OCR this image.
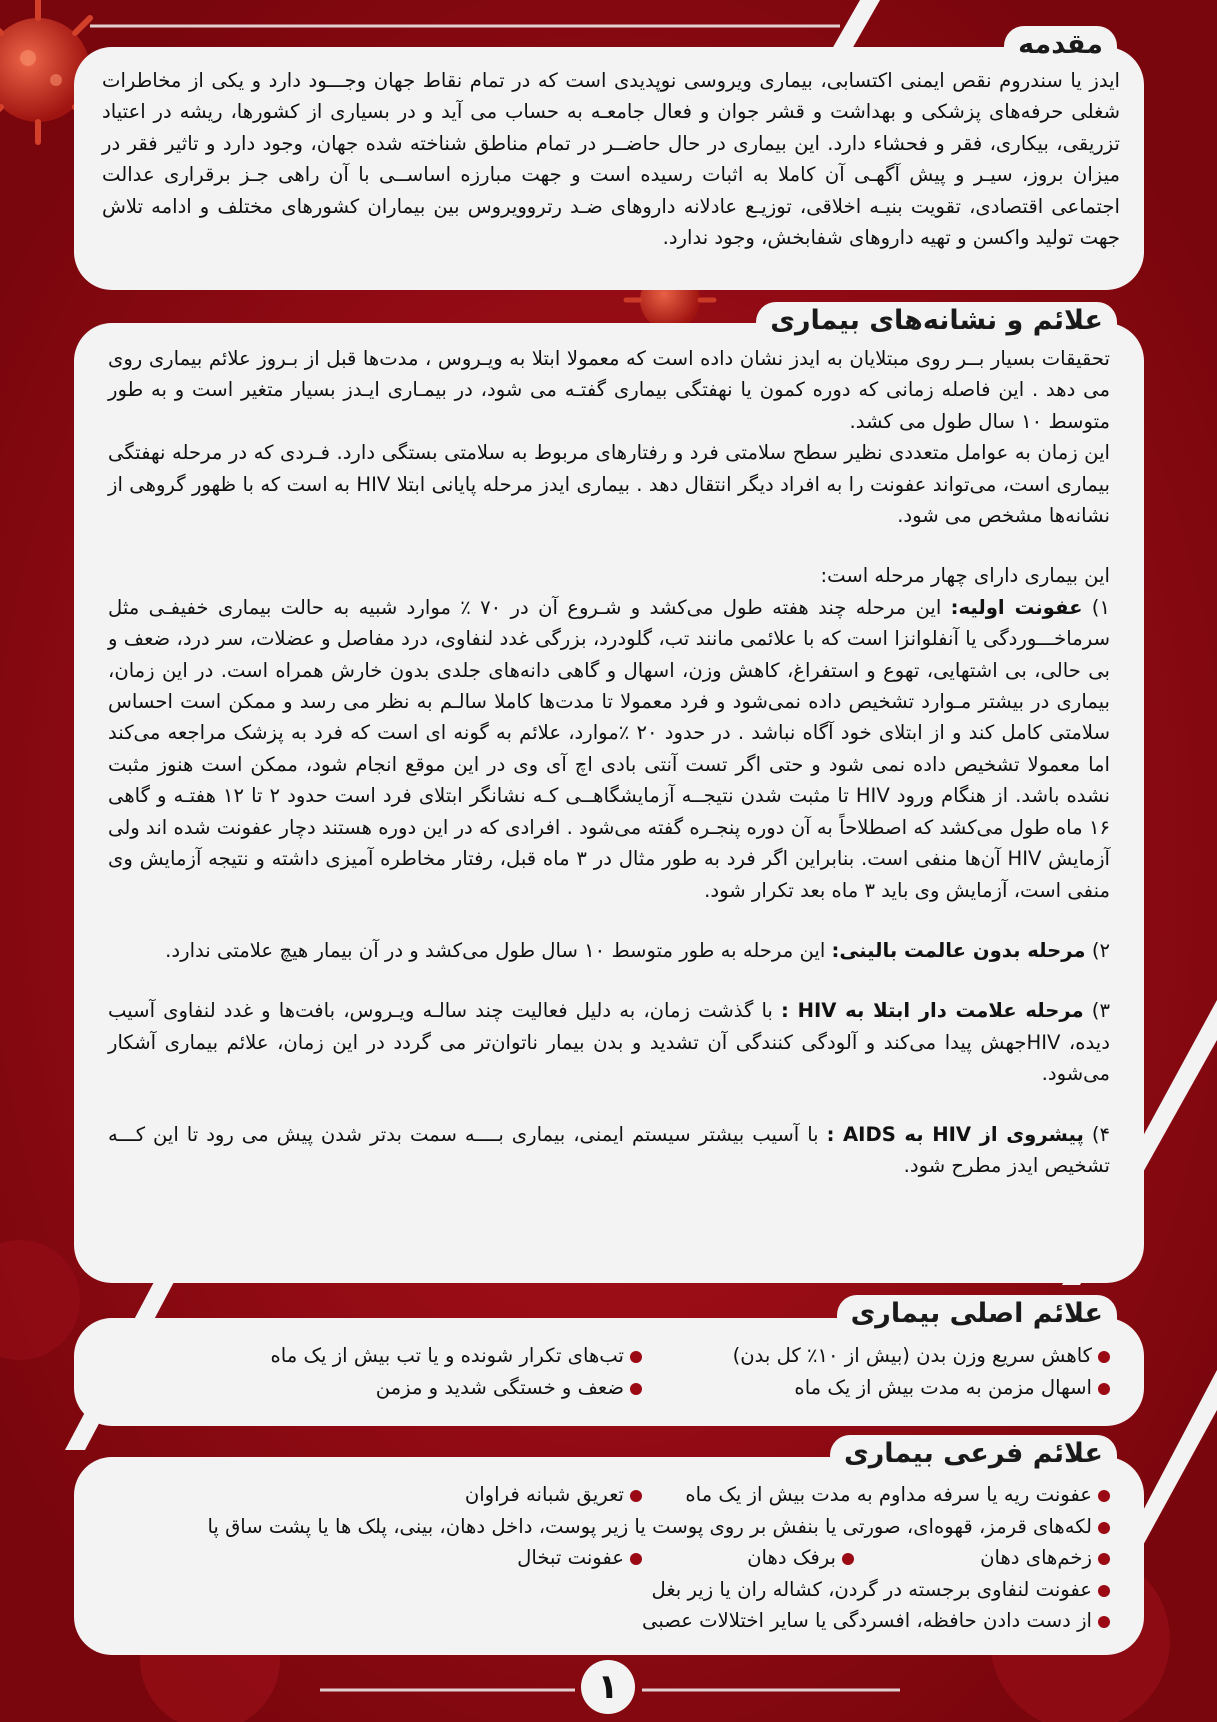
مقدمه

ایدز یا سندروم نقص ایمنی اکتسابی، بیماری ویروسی نوپدیدی است که در تمام نقاط جهان وجـــود دارد و یکی از مخاطرات شغلی حرفه‌های پزشکی و بهداشت و قشر جوان و فعال جامعـه به حساب می آید و در بسیاری از کشورها، ریشه در اعتیاد تزریقی، بیکاری، فقر و فحشاء دارد. این بیماری در حال حاضــر در تمام مناطق شناخته شده جهان، وجود دارد و تاثیر فقر در میزان بروز، سیـر و پیش آگهـی آن کاملا به اثبات رسیده است و جهت مبارزه اساســی با آن راهی جـز برقراری عدالت اجتماعی اقتصادی، تقویت بنیـه اخلاقی، توزیـع عادلانه داروهای ضـد رتروویروس بین بیماران کشورهای مختلف و ادامه تلاش جهت تولید واکسن و تهیه داروهای شفابخش، وجود ندارد.

علائم و نشانه‌های بیماری

تحقیقات بسیار بــر روی مبتلایان به ایدز نشان داده است که معمولا ابتلا به ویـروس ، مدت‌ها قبل از بـروز علائم بیماری روی می دهد . این فاصله زمانی که دوره کمون یا نهفتگی بیماری گفتـه می شود، در بیمـاری ایـدز بسیار متغیر است و به طور متوسط ۱۰ سال طول می کشد.

این زمان به عوامل متعددی نظیر سطح سلامتی فرد و رفتارهای مربوط به سلامتی بستگی دارد. فـردی که در مرحله نهفتگی بیماری است، می‌تواند عفونت را به افراد دیگر انتقال دهد . بیماری ایدز مرحله پایانی ابتلا HIV به است که با ظهور گروهی از نشانه‌ها مشخص می شود.

این بیماری دارای چهار مرحله است:

۱) عفونت اولیه: این مرحله چند هفته طول می‌کشد و شـروع آن در ۷۰ ٪ موارد شبیه به حالت بیماری خفیفـی مثل سرماخـــوردگی یا آنفلوانزا است که با علائمی مانند تب، گلودرد، بزرگی غدد لنفاوی، درد مفاصل و عضلات، سر درد، ضعف و بی حالی، بی اشتهایی، تهوع و استفراغ، کاهش وزن، اسهال و گاهی دانه‌های جلدی بدون خارش همراه است. در این زمان، بیماری در بیشتر مـوارد تشخیص داده نمی‌شود و فرد معمولا تا مدت‌ها کاملا سالـم به نظر می رسد و ممکن است احساس سلامتی کامل کند و از ابتلای خود آگاه نباشد . در حدود ۲۰ ٪موارد، علائم به گونه ای است که فرد به پزشک مراجعه می‌کند اما معمولا تشخیص داده نمی شود و حتی اگر تست آنتی بادی اچ آی وی در این موقع انجام شود، ممکن است هنوز مثبت نشده باشد. از هنگام ورود HIV تا مثبت شدن نتیجــه آزمایشگاهــی کـه نشانگر ابتلای فرد است حدود ۲ تا ۱۲ هفتـه و گاهی ۱۶ ماه طول می‌کشد که اصطلاحاً به آن دوره پنجـره گفته می‌شود . افرادی که در این دوره هستند دچار عفونت شده اند ولی آزمایش HIV آن‌ها منفی است. بنابراین اگر فرد به طور مثال در ۳ ماه قبل، رفتار مخاطره آمیزی داشته و نتیجه آزمایش وی منفی است، آزمایش وی باید ۳ ماه بعد تکرار شود.

۲) مرحله بدون عالمت بالینی: این مرحله به طور متوسط ۱۰ سال طول می‌کشد و در آن بیمار هیچ علامتی ندارد.

۳) مرحله علامت دار ابتلا به HIV : با گذشت زمان، به دلیل فعالیت چند سالـه ویـروس، بافت‌ها و غدد لنفاوی آسیب دیده، HIVجهش پیدا می‌کند و آلودگی کنندگی آن تشدید و بدن بیمار ناتوان‌تر می گردد در این زمان، علائم بیماری آشکار می‌شود.

۴) پیشروی از HIV به AIDS : با آسیب بیشتر سیستم ایمنی، بیماری بــــه سمت بدتر شدن پیش می رود تا این کـــه تشخیص ایدز مطرح شود.

علائم اصلی بیماری
کاهش سریع وزن بدن (بیش از ۱۰٪ کل بدن)
تب‌های تکرار شونده و یا تب بیش از یک ماه
اسهال مزمن به مدت بیش از یک ماه
ضعف و خستگی شدید و مزمن
علائم فرعی بیماری
عفونت ریه یا سرفه مداوم به مدت بیش از یک ماه
تعریق شبانه فراوان
لکه‌های قرمز، قهوه‌ای، صورتی یا بنفش بر روی پوست یا زیر پوست، داخل دهان، بینی، پلک ها یا پشت ساق پا
زخم‌های دهان
برفک دهان
عفونت تبخال
عفونت لنفاوی برجسته در گردن، کشاله ران یا زیر بغل
از دست دادن حافظه، افسردگی یا سایر اختلالات عصبی
۱
